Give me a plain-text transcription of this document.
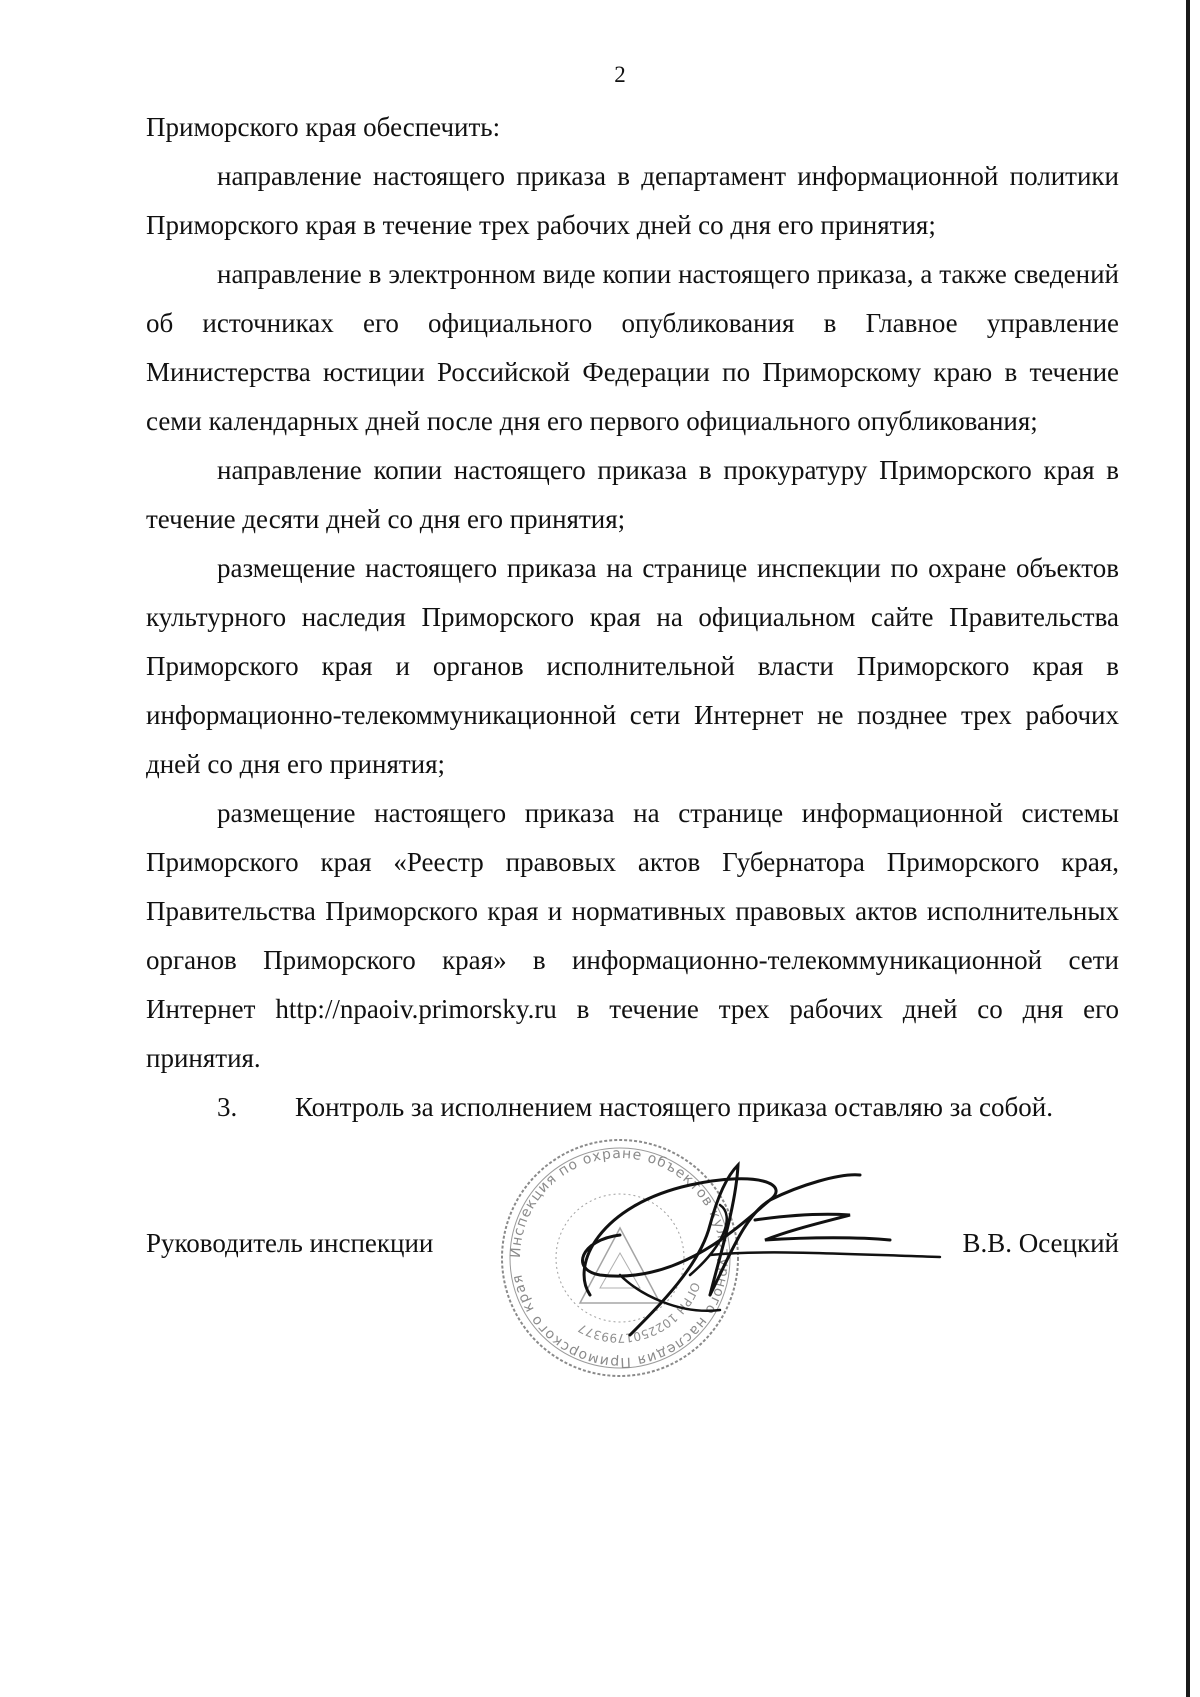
2

Приморского края обеспечить:

направление настоящего приказа в департамент информационной политики Приморского края в течение трех рабочих дней со дня его принятия;

направление в электронном виде копии настоящего приказа, а также сведений об источниках его официального опубликования в Главное управление Министерства юстиции Российской Федерации по Приморскому краю в течение семи календарных дней после дня его первого официального опубликования;

направление копии настоящего приказа в прокуратуру Приморского края в течение десяти дней со дня его принятия;

размещение настоящего приказа на странице инспекции по охране объектов культурного наследия Приморского края на официальном сайте Правительства Приморского края и органов исполнительной власти Приморского края в информационно-телекоммуникационной сети Интернет не позднее трех рабочих дней со дня его принятия;

размещение настоящего приказа на странице информационной системы Приморского края «Реестр правовых актов Губернатора Приморского края, Правительства Приморского края и нормативных правовых актов исполнительных органов Приморского края» в информационно-телекоммуникационной сети Интернет http://npaoiv.primorsky.ru в течение трех рабочих дней со дня его принятия.

3. Контроль за исполнением настоящего приказа оставляю за собой.

Инспекция по охране объектов культурного наследия Приморского края
ОГРН 1022501799377
Руководитель инспекции	В.В. Осецкий
